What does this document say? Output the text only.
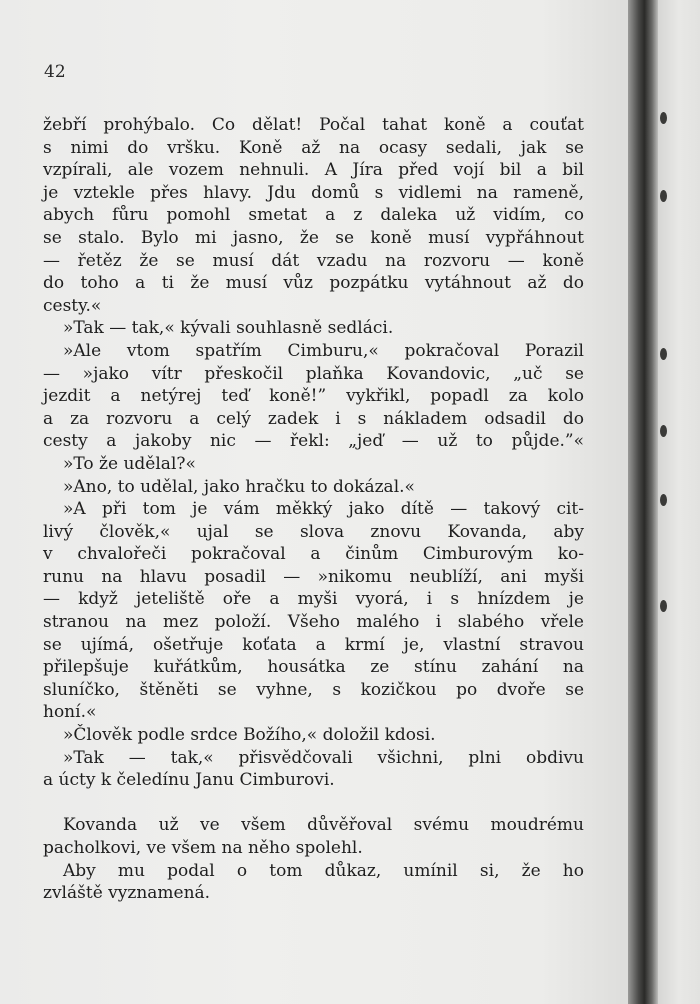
42
žebří prohýbalo. Co dělat! Počal tahat koně a couťat
s nimi do vršku. Koně až na ocasy sedali, jak se
vzpírali, ale vozem nehnuli. A Jíra před vojí bil a bil
je vztekle přes hlavy. Jdu domů s vidlemi na rameně,
abych fůru pomohl smetat a z daleka už vidím, co
se stalo. Bylo mi jasno, že se koně musí vypřáhnout
— řetěz že se musí dát vzadu na rozvoru — koně
do toho a ti že musí vůz pozpátku vytáhnout až do
cesty.«
»Tak — tak,« kývali souhlasně sedláci.
»Ale vtom spatřím Cimburu,« pokračoval Porazil
— »jako vítr přeskočil plaňka Kovandovic, „uč se
jezdit a netýrej teď koně!” vykřikl, popadl za kolo
a za rozvoru a celý zadek i s nákladem odsadil do
cesty a jakoby nic — řekl: „jeď — už to půjde.”«
»To že udělal?«
»Ano, to udělal, jako hračku to dokázal.«
»A při tom je vám měkký jako dítě — takový cit-
livý člověk,« ujal se slova znovu Kovanda, aby
v chvalořeči pokračoval a činům Cimburovým ko-
runu na hlavu posadil — »nikomu neublíží, ani myši
— když jeteliště oře a myši vyorá, i s hnízdem je
stranou na mez položí. Všeho malého i slabého vřele
se ujímá, ošetřuje koťata a krmí je, vlastní stravou
přilepšuje kuřátkům, housátka ze stínu zahání na
sluníčko, štěněti se vyhne, s kozičkou po dvoře se
honí.«
»Člověk podle srdce Božího,« doložil kdosi.
»Tak — tak,« přisvědčovali všichni, plni obdivu
a úcty k čeledínu Janu Cimburovi.
Kovanda už ve všem důvěřoval svému moudrému
pacholkovi, ve všem na něho spolehl.
Aby mu podal o tom důkaz, umínil si, že ho
zvláště vyznamená.
